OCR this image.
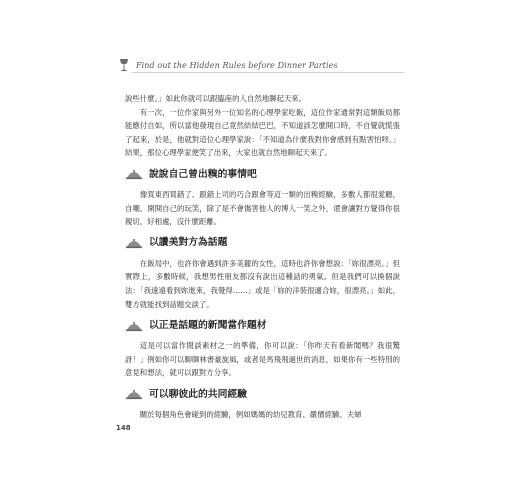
Find out the Hidden Rules before Dinner Parties

說些什麼。」如此你就可以跟臨座的人自然地聊起天來。

有一次，一位作家與另外一位知名的心理學家吃飯，這位作家通常對這類飯局都能應付自如，所以當他發現自己竟然結結巴巴，不知道該怎麼開口時，不自覺就慌張了起來，於是，他就對這位心理學家說：「不知道為什麼我對你會感到有點害怕呀。」結果，那位心理學家便笑了出來，大家也就自然地聊起天來了。

說說自己曾出糗的事情吧

像買東西買錯了、跟錯上司的巧合跟會等這一類的出糗經驗，多數人都很愛聽，自嘲、開開自己的玩笑，除了是不會傷害他人的博人一笑之外，還會讓對方覺得你很親切，好相處，沒什麼距離。

以讚美對方為話題

在飯局中，也許你會遇到許多美麗的女性，這時也許你會想說：「妳很漂亮。」但實際上，多數時候，我想男性朋友都沒有說出這種話的勇氣。但是我們可以換個說法：「我遠遠看到妳進來，我覺得……」或是「妳的洋裝很適合妳，很漂亮。」如此，雙方就能找到話題交談了。

以正是話題的新聞當作題材

這是可以當作閒談素材之一的準備，你可以說：「你昨天有看新聞嗎？我很驚訝！」例如你可以聊聊林書豪旋風，或者是馬飛飛過世的消息，如果你有一些特別的意見和想法，就可以跟對方分享。

可以聊彼此的共同經驗

關於每個角色會碰到的經驗，例如媽媽的幼兒教育、嚴價經驗、夫婦

148
